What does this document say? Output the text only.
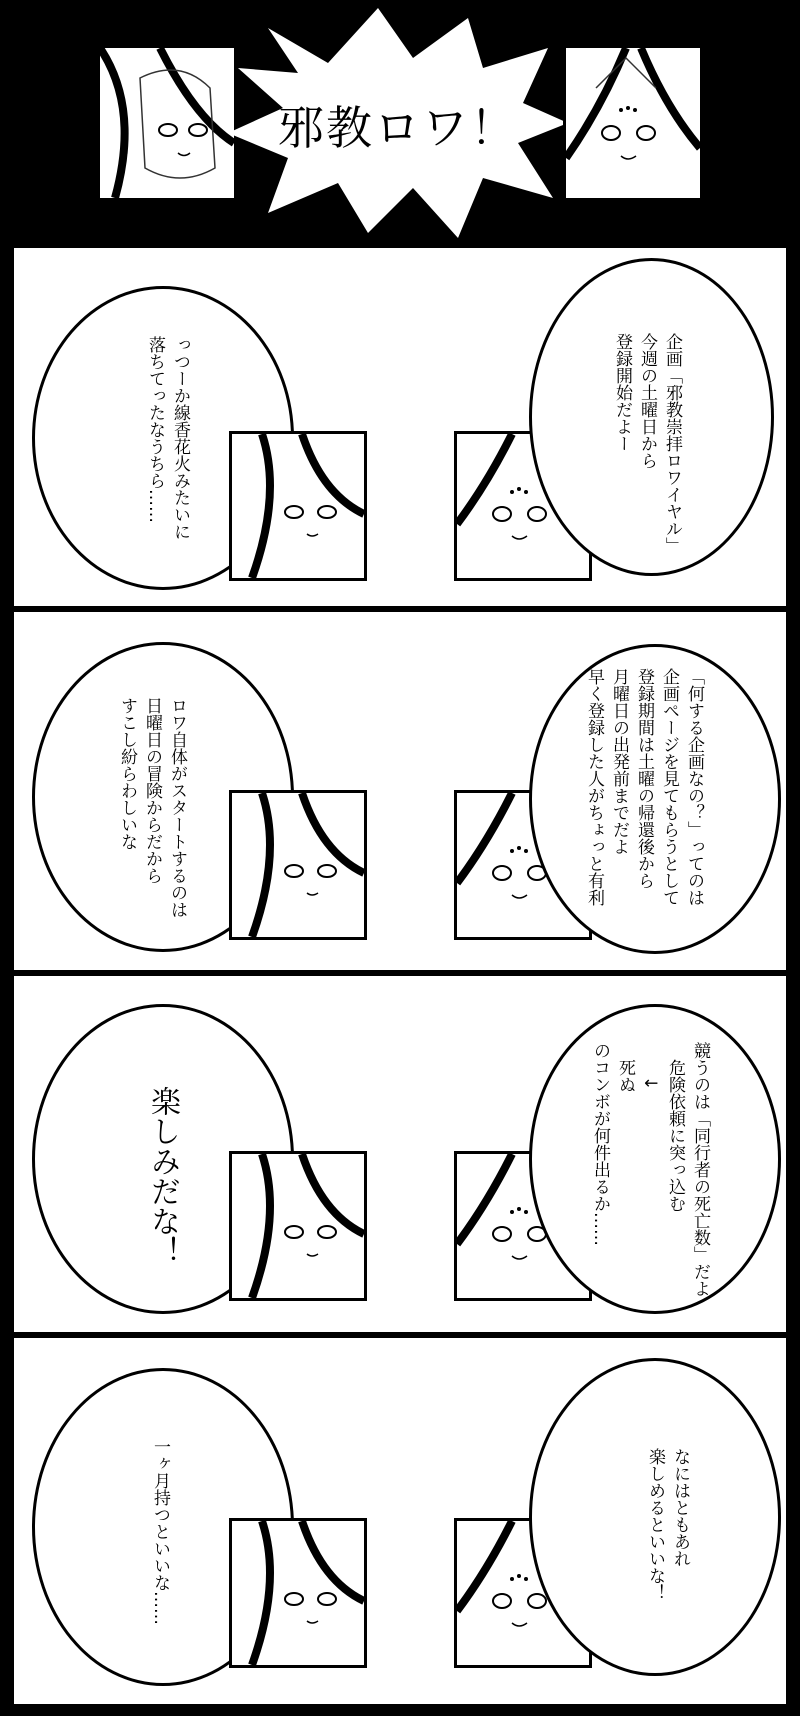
邪教ロワ！
っつーか線香花火みたいに
落ちてったなうちら……	企画「邪教崇拝ロワイヤル」
今週の土曜日から
登録開始だよー
ロワ自体がスタートするのは
日曜日の冒険からだから
すこし紛らわしいな	「何する企画なの？」ってのは
企画ページを見てもらうとして
登録期間は土曜の帰還後から
月曜日の出発前までだよ
早く登録した人がちょっと有利
楽しみだな！	競うのは「同行者の死亡数」だよ
　危険依頼に突っ込む
　　↓
　死ぬ
のコンボが何件出るか……
一ヶ月持つといいな……	なにはともあれ
楽しめるといいな！
